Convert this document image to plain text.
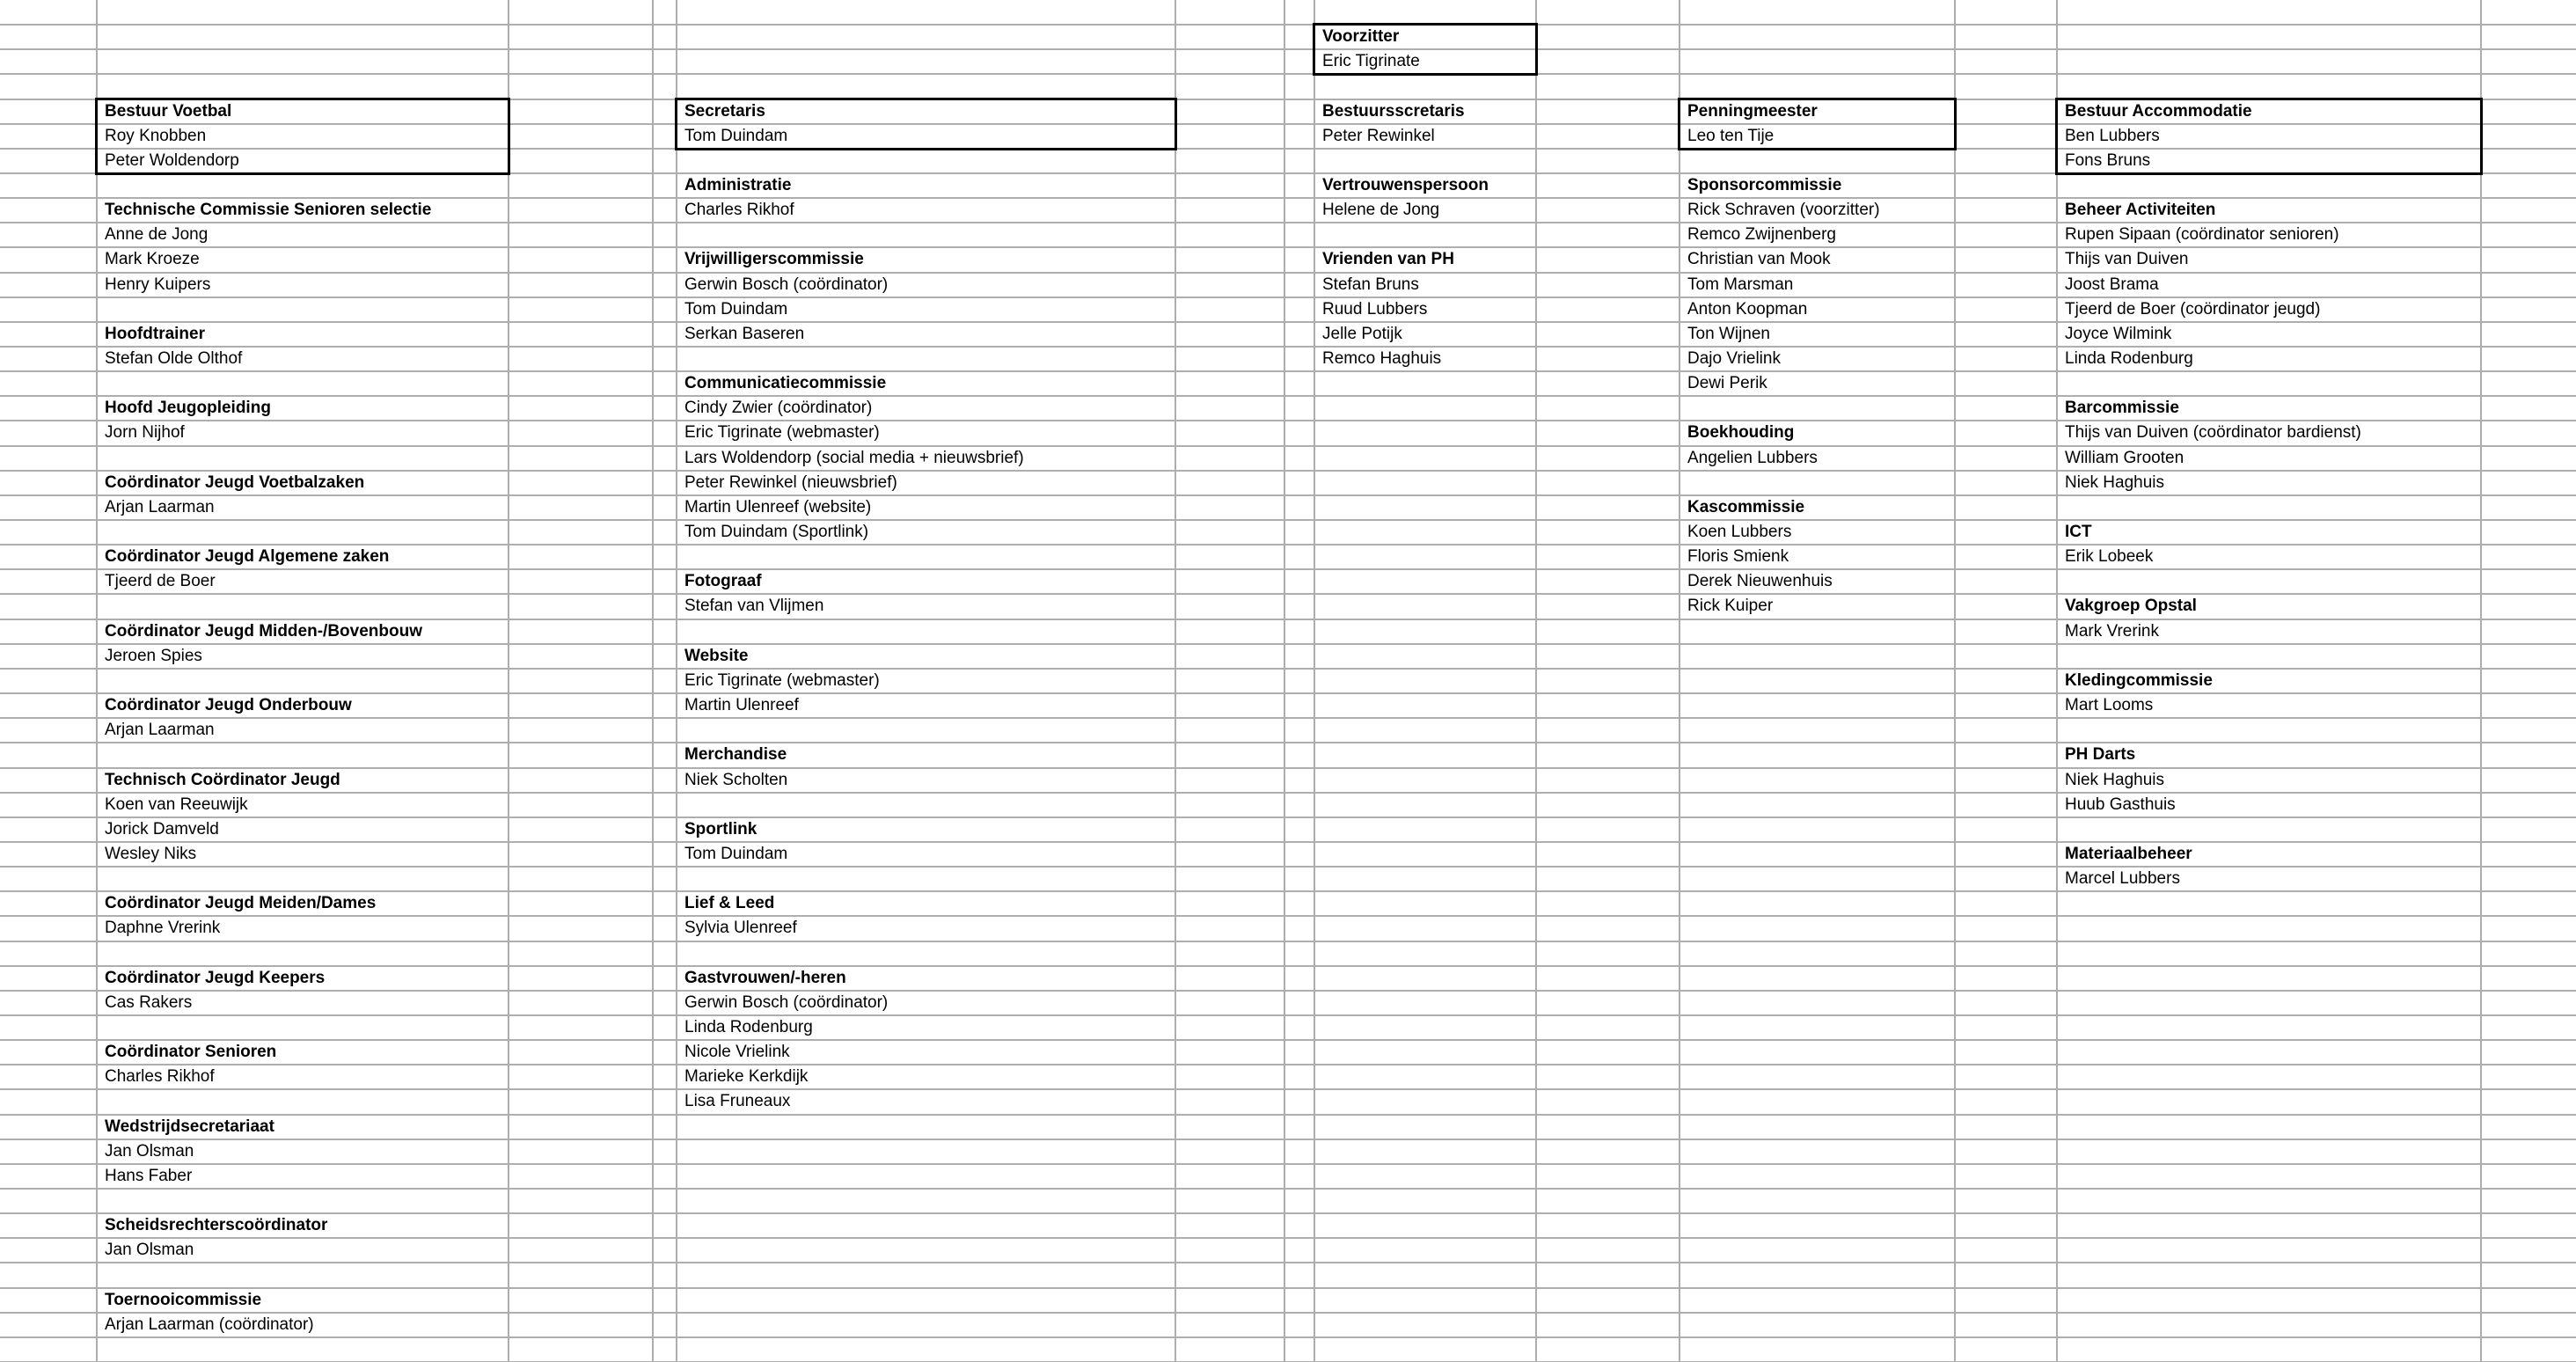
Voorzitter
Eric Tigrinate
Bestuur Voetbal
Roy Knobben
Peter Woldendorp
Technische Commissie Senioren selectie
Anne de Jong
Mark Kroeze
Henry Kuipers
Hoofdtrainer
Stefan Olde Olthof
Hoofd Jeugopleiding
Jorn Nijhof
Coördinator Jeugd Voetbalzaken
Arjan Laarman
Coördinator Jeugd Algemene zaken
Tjeerd de Boer
Coördinator Jeugd Midden-/Bovenbouw
Jeroen Spies
Coördinator Jeugd Onderbouw
Arjan Laarman
Technisch Coördinator Jeugd
Koen van Reeuwijk
Jorick Damveld
Wesley Niks
Coördinator Jeugd Meiden/Dames
Daphne Vrerink
Coördinator Jeugd Keepers
Cas Rakers
Coördinator Senioren
Charles Rikhof
Wedstrijdsecretariaat
Jan Olsman
Hans Faber
Scheidsrechterscoördinator
Jan Olsman
Toernooicommissie
Arjan Laarman (coördinator)
Secretaris
Tom Duindam
Administratie
Charles Rikhof
Vrijwilligerscommissie
Gerwin Bosch (coördinator)
Tom Duindam
Serkan Baseren
Communicatiecommissie
Cindy Zwier (coördinator)
Eric Tigrinate (webmaster)
Lars Woldendorp (social media + nieuwsbrief)
Peter Rewinkel (nieuwsbrief)
Martin Ulenreef (website)
Tom Duindam (Sportlink)
Fotograaf
Stefan van Vlijmen
Website
Eric Tigrinate (webmaster)
Martin Ulenreef
Merchandise
Niek Scholten
Sportlink
Tom Duindam
Lief & Leed
Sylvia Ulenreef
Gastvrouwen/-heren
Gerwin Bosch (coördinator)
Linda Rodenburg
Nicole Vrielink
Marieke Kerkdijk
Lisa Fruneaux
Bestuursscretaris
Peter Rewinkel
Vertrouwenspersoon
Helene de Jong
Vrienden van PH
Stefan Bruns
Ruud Lubbers
Jelle Potijk
Remco Haghuis
Penningmeester
Leo ten Tije
Sponsorcommissie
Rick Schraven (voorzitter)
Remco Zwijnenberg
Christian van Mook
Tom Marsman
Anton Koopman
Ton Wijnen
Dajo Vrielink
Dewi Perik
Boekhouding
Angelien Lubbers
Kascommissie
Koen Lubbers
Floris Smienk
Derek Nieuwenhuis
Rick Kuiper
Bestuur Accommodatie
Ben Lubbers
Fons Bruns
Beheer Activiteiten
Rupen Sipaan (coördinator senioren)
Thijs van Duiven
Joost Brama
Tjeerd de Boer (coördinator jeugd)
Joyce Wilmink
Linda Rodenburg
Barcommissie
Thijs van Duiven (coördinator bardienst)
William Grooten
Niek Haghuis
ICT
Erik Lobeek
Vakgroep Opstal
Mark Vrerink
Kledingcommissie
Mart Looms
PH Darts
Niek Haghuis
Huub Gasthuis
Materiaalbeheer
Marcel Lubbers
